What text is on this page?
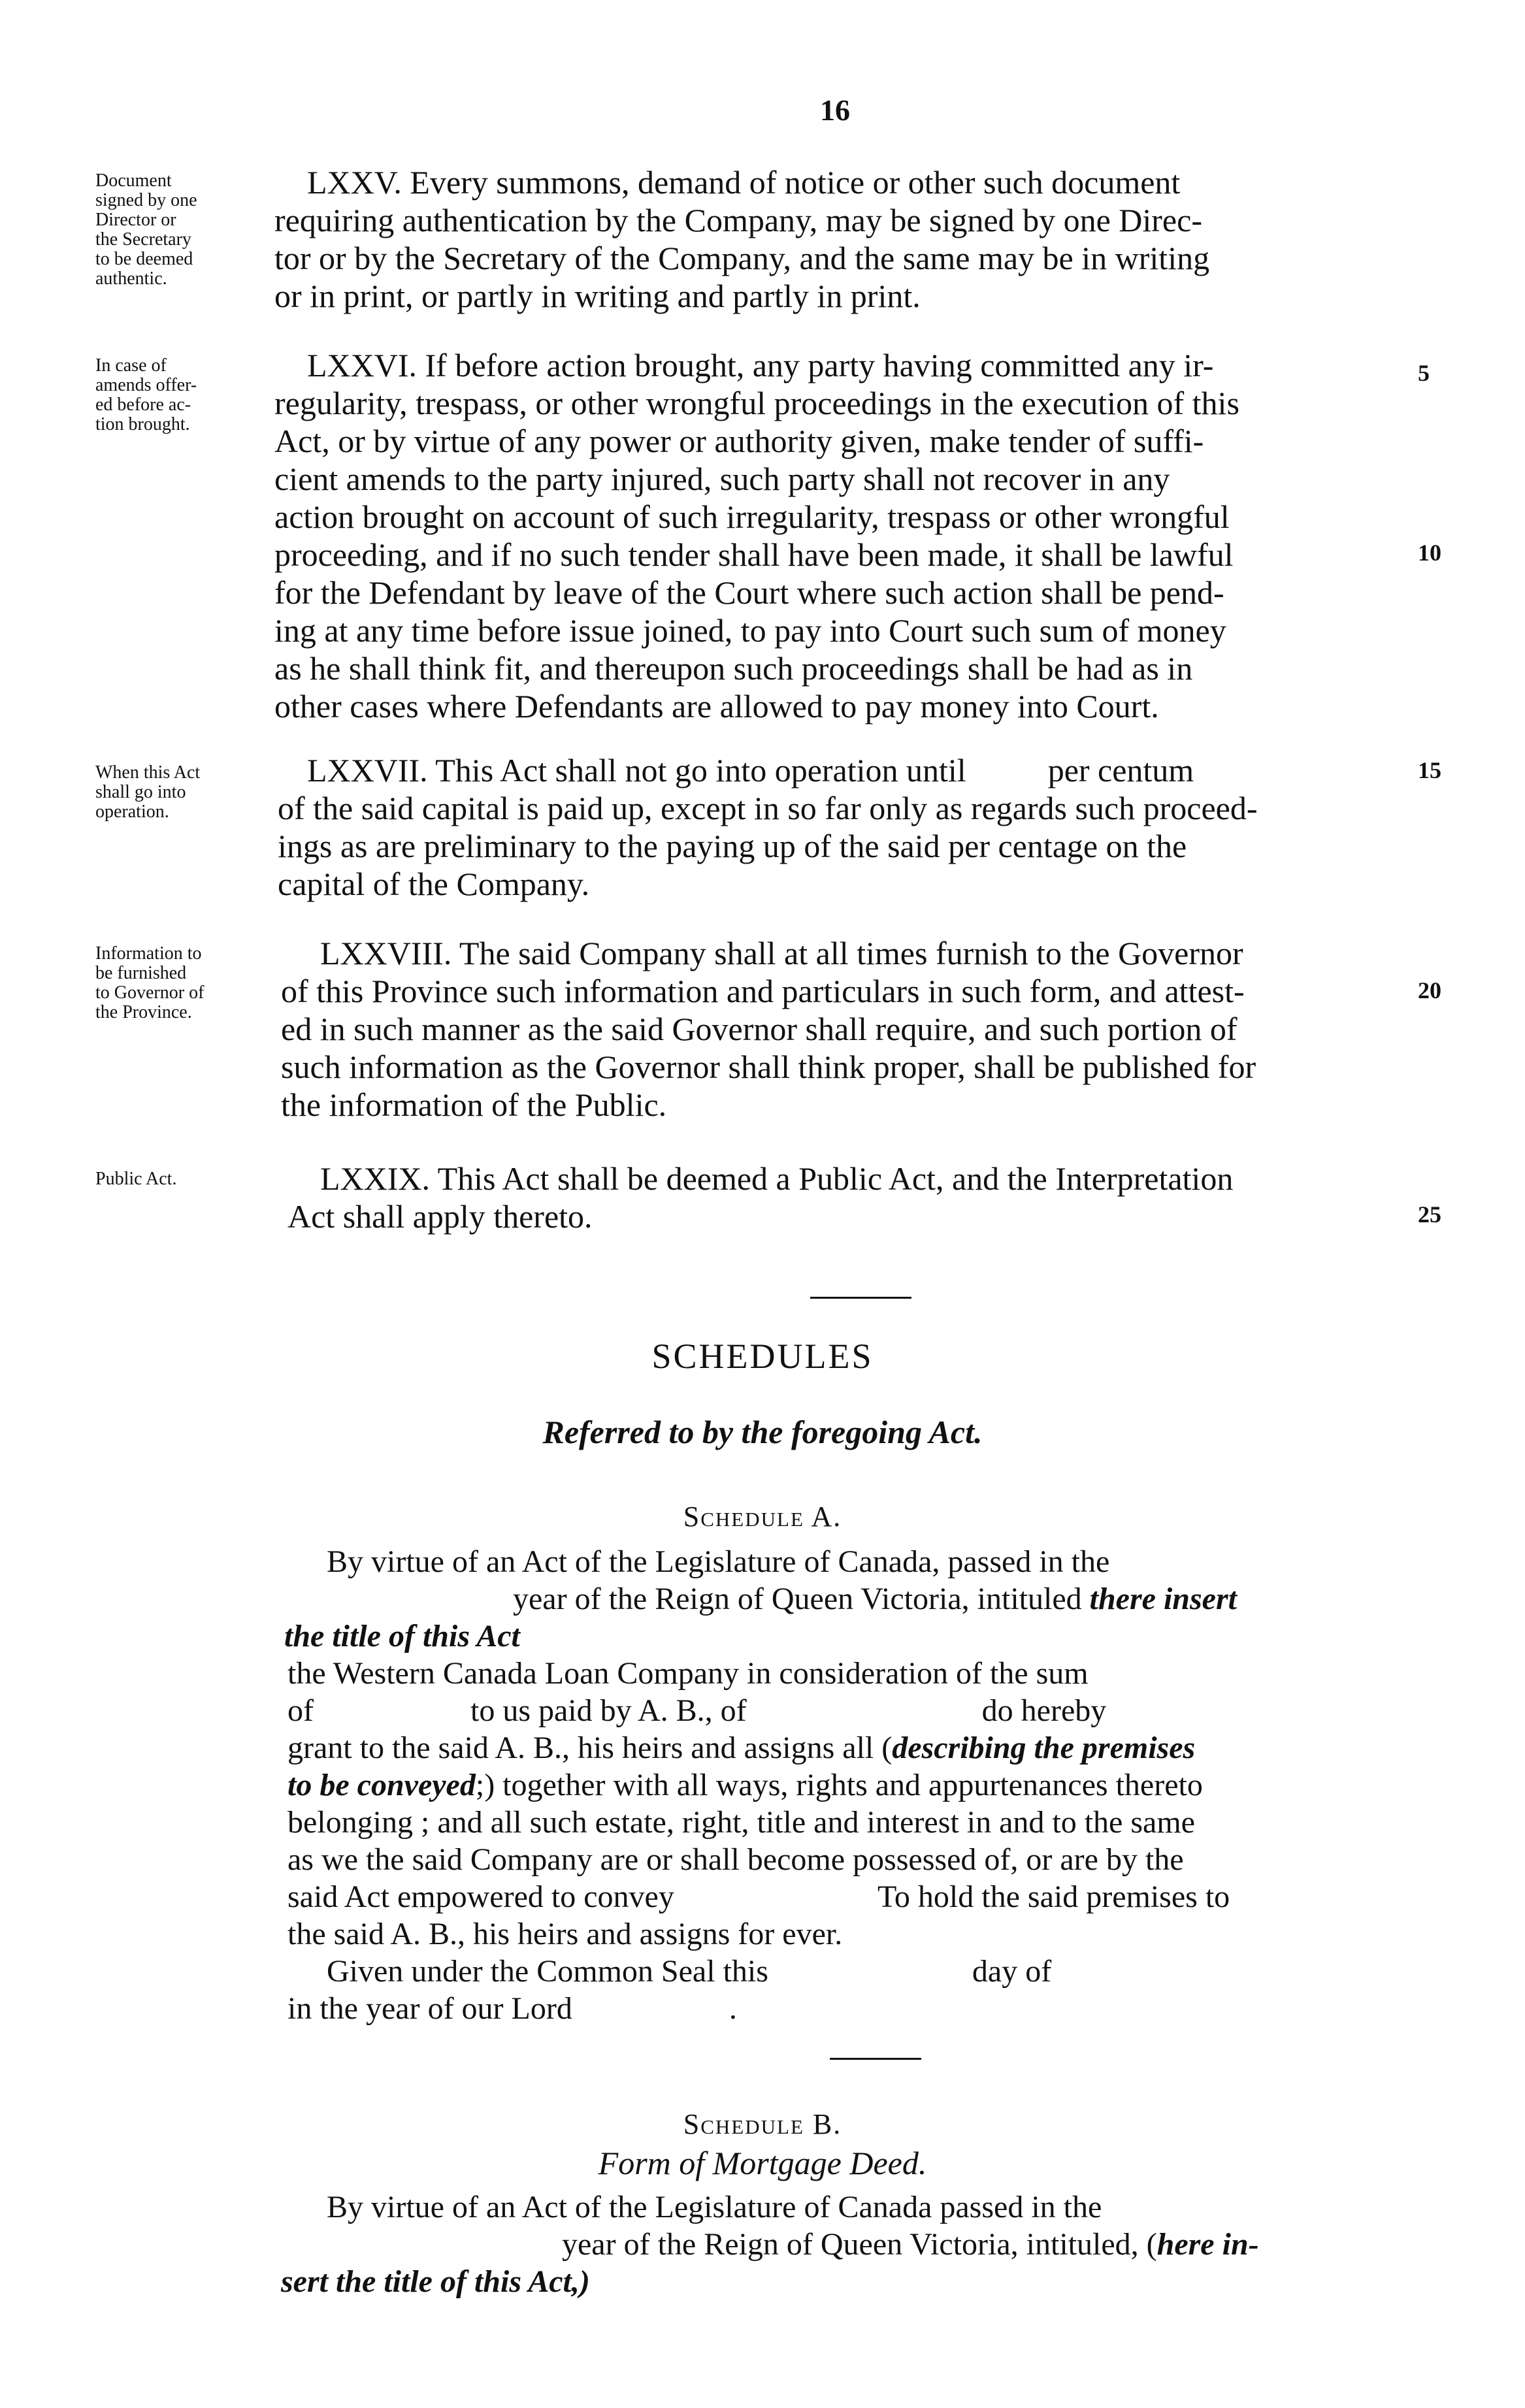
16
Document
signed by one
Director or
the Secretary
to be deemed
authentic.
LXXV. Every summons, demand of notice or other such document
requiring authentication by the Company, may be signed by one Direc-
tor or by the Secretary of the Company, and the same may be in writing
or in print, or partly in writing and partly in print.
In case of
amends offer-
ed before ac-
tion brought.
LXXVI. If before action brought, any party having committed any ir-
regularity, trespass, or other wrongful proceedings in the execution of this
Act, or by virtue of any power or authority given, make tender of suffi-
cient amends to the party injured, such party shall not recover in any
action brought on account of such irregularity, trespass or other wrongful
proceeding, and if no such tender shall have been made, it shall be lawful
for the Defendant by leave of the Court where such action shall be pend-
ing at any time before issue joined, to pay into Court such sum of money
as he shall think fit, and thereupon such proceedings shall be had as in
other cases where Defendants are allowed to pay money into Court.
When this Act
shall go into
operation.
LXXVII. This Act shall not go into operation until          per centum
of the said capital is paid up, except in so far only as regards such proceed-
ings as are preliminary to the paying up of the said per centage on the
capital of the Company.
Information to
be furnished
to Governor of
the Province.
LXXVIII. The said Company shall at all times furnish to the Governor
of this Province such information and particulars in such form, and attest-
ed in such manner as the said Governor shall require, and such portion of
such information as the Governor shall think proper, shall be published for
the information of the Public.
Public Act.	LXXIX. This Act shall be deemed a Public Act, and the Interpretation
Act shall apply thereto.
5
10
15
20
25
SCHEDULES
Referred to by the foregoing Act.
Schedule A.
By virtue of an Act of the Legislature of Canada, passed in the
year of the Reign of Queen Victoria, intituled there insert
the title of this Act
the Western Canada Loan Company in consideration of the sum
of                    to us paid by A. B., of                              do hereby
grant to the said A. B., his heirs and assigns all (describing the premises
to be conveyed;) together with all ways, rights and appurtenances thereto
belonging ; and all such estate, right, title and interest in and to the same
as we the said Company are or shall become possessed of, or are by the
said Act empowered to convey                          To hold the said premises to
the said A. B., his heirs and assigns for ever.
Given under the Common Seal this                          day of
in the year of our Lord                    .
Schedule B.
Form of Mortgage Deed.
By virtue of an Act of the Legislature of Canada passed in the
year of the Reign of Queen Victoria, intituled, (here in-
sert the title of this Act,)
